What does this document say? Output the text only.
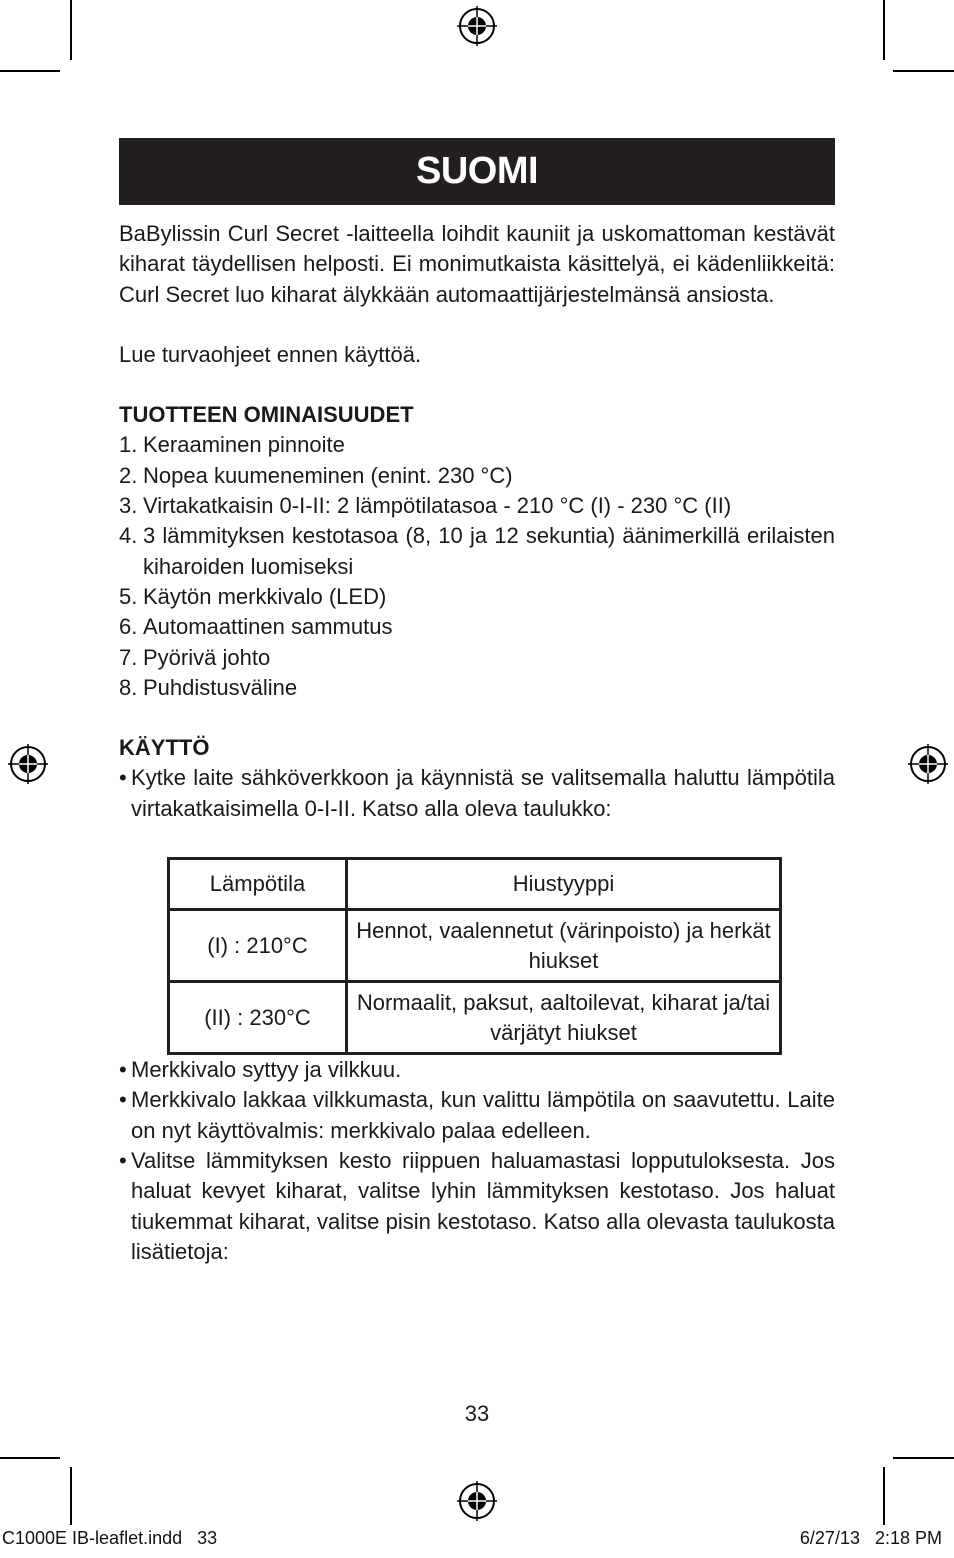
SUOMI

BaBylissin Curl Secret -laitteella loihdit kauniit ja uskomattoman kestävät kiharat täydellisen helposti. Ei monimutkaista käsittelyä, ei kädenliikkeitä: Curl Secret luo kiharat älykkään automaattijärjestelmänsä ansiosta.

Lue turvaohjeet ennen käyttöä.
TUOTTEEN OMINAISUUDET
1. Keraaminen pinnoite
2. Nopea kuumeneminen (enint. 230 °C)
3. Virtakatkaisin 0-I-II: 2 lämpötilatasoa - 210 °C (I) - 230 °C (II)
4. 3 lämmityksen kestotasoa (8, 10 ja 12 sekuntia) äänimerkillä erilaisten kiharoiden luomiseksi
5. Käytön merkkivalo (LED)
6. Automaattinen sammutus
7. Pyörivä johto
8. Puhdistusväline
KÄYTTÖ
• Kytke laite sähköverkkoon ja käynnistä se valitsemalla haluttu lämpötila virtakatkaisimella 0-I-II. Katso alla oleva taulukko:
Lämpötila	Hiustyyppi
(I) : 210°C	Hennot, vaalennetut (värinpoisto) ja herkät hiukset
(II) : 230°C	Normaalit, paksut, aaltoilevat, kiharat ja/tai värjätyt hiukset
• Merkkivalo syttyy ja vilkkuu.
• Merkkivalo lakkaa vilkkumasta, kun valittu lämpötila on saavutettu. Laite on nyt käyttövalmis: merkkivalo palaa edelleen.
• Valitse lämmityksen kesto riippuen haluamastasi lopputuloksesta. Jos haluat kevyet kiharat, valitse lyhin lämmityksen kestotaso. Jos haluat tiukemmat kiharat, valitse pisin kestotaso. Katso alla olevasta taulukosta lisätietoja:
33
C1000E IB-leaflet.indd   33	6/27/13   2:18 PM
